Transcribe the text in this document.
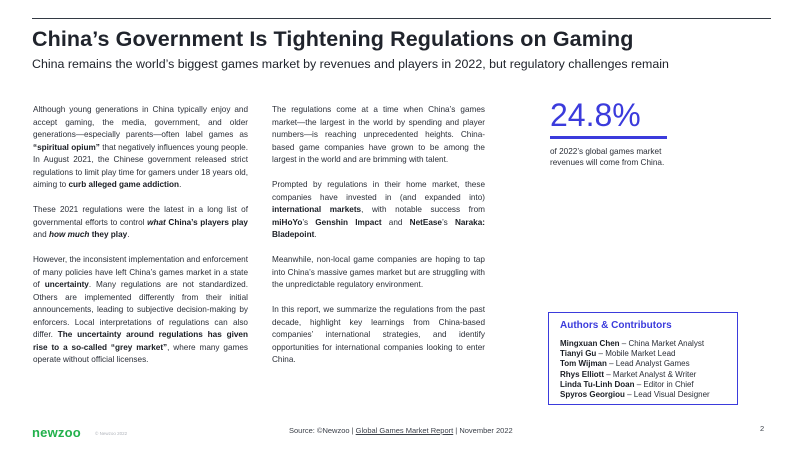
China’s Government Is Tightening Regulations on Gaming

China remains the world’s biggest games market by revenues and players in 2022, but regulatory challenges remain

Although young generations in China typically enjoy and accept gaming, the media, government, and older generations—especially parents—often label games as “spiritual opium” that negatively influences young people. In August 2021, the Chinese government released strict regulations to limit play time for gamers under 18 years old, aiming to curb alleged game addiction.

These 2021 regulations were the latest in a long list of governmental efforts to control what China’s players play and how much they play.

However, the inconsistent implementation and enforcement of many policies have left China’s games market in a state of uncertainty. Many regulations are not standardized. Others are implemented differently from their initial announcements, leading to subjective decision-making by enforcers. Local interpretations of regulations can also differ. The uncertainty around regulations has given rise to a so-called “grey market”, where many games operate without official licenses.

The regulations come at a time when China’s games market—the largest in the world by spending and player numbers—is reaching unprecedented heights. China-based game companies have grown to be among the largest in the world and are brimming with talent.

Prompted by regulations in their home market, these companies have invested in (and expanded into) international markets, with notable success from miHoYo’s Genshin Impact and NetEase’s Naraka: Bladepoint.

Meanwhile, non-local game companies are hoping to tap into China’s massive games market but are struggling with the unpredictable regulatory environment.

In this report, we summarize the regulations from the past decade, highlight key learnings from China-based companies’ international strategies, and identify opportunities for international companies looking to enter China.

24.8%
of 2022’s global games market revenues will come from China.
Authors & Contributors
Mingxuan Chen – China Market Analyst
Tianyi Gu – Mobile Market Lead
Tom Wijman – Lead Analyst Games
Rhys Elliott – Market Analyst & Writer
Linda Tu-Linh Doan – Editor in Chief
Spyros Georgiou – Lead Visual Designer
newzoo	© Newzoo 2022	Source: ©Newzoo | Global Games Market Report | November 2022	2
